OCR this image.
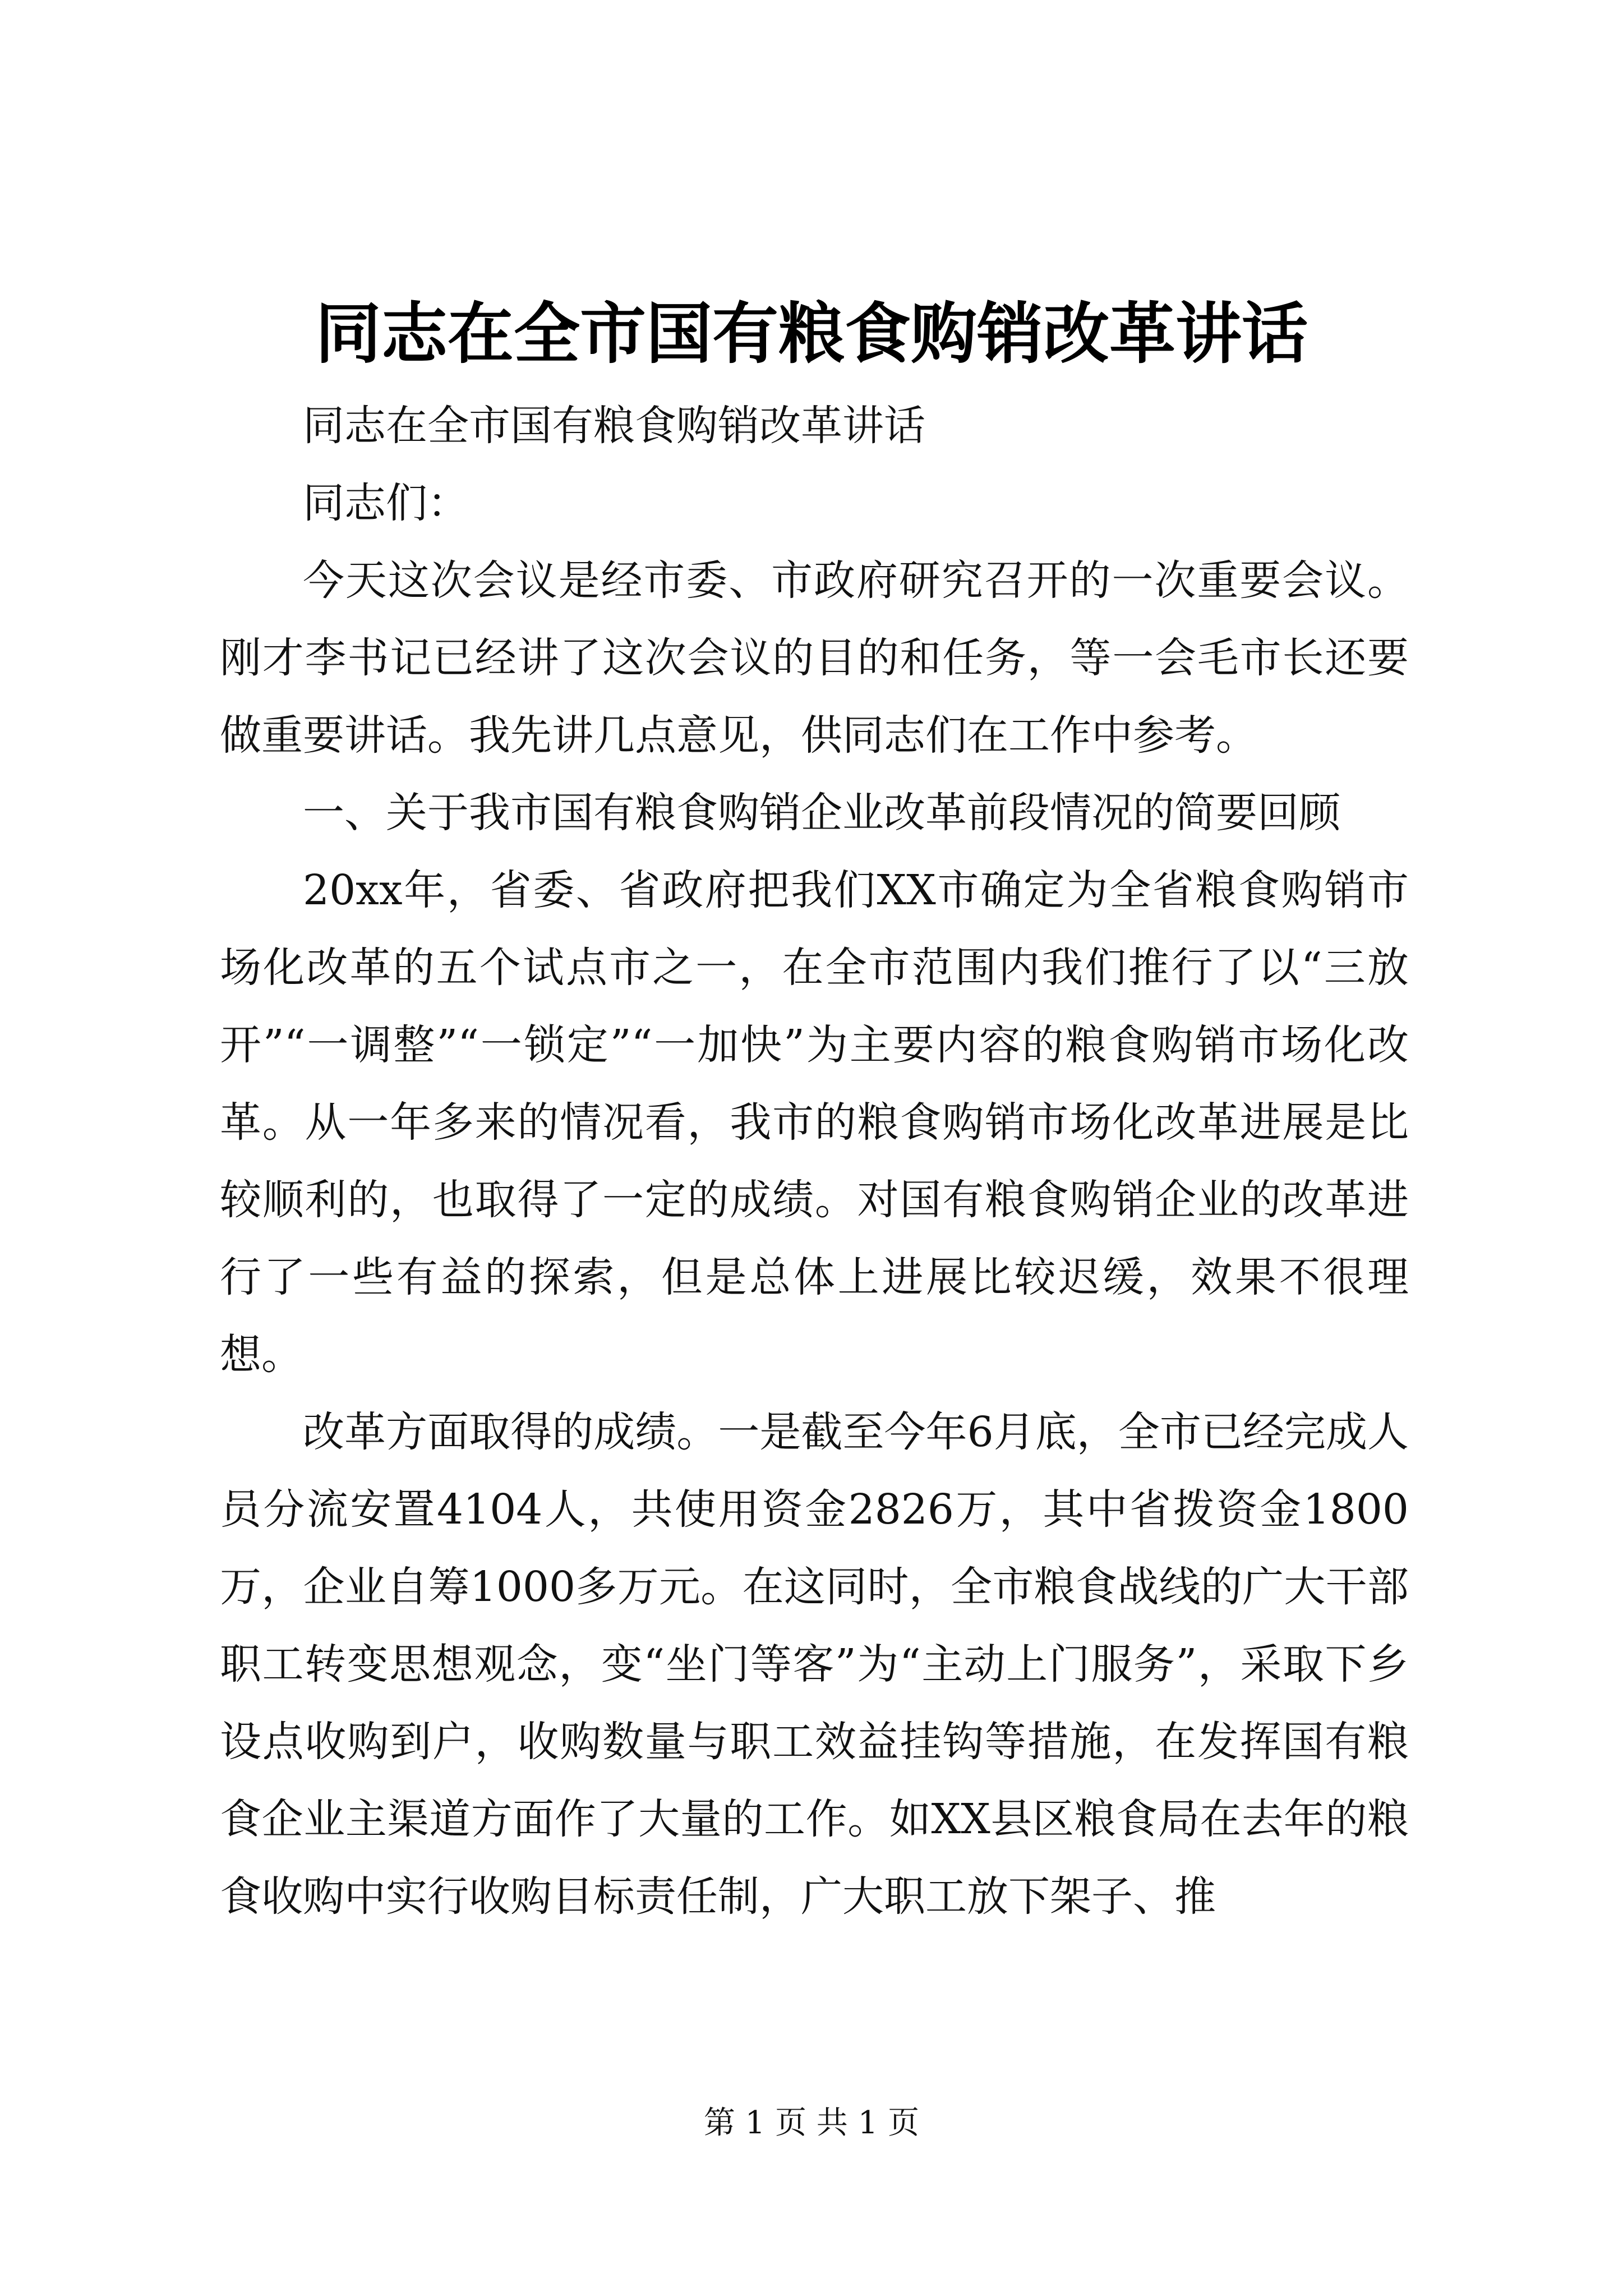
同志在全市国有粮食购销改革讲话

同志在全市国有粮食购销改革讲话

同志们：

今天这次会议是经市委、市政府研究召开的一次重要会议。刚才李书记已经讲了这次会议的目的和任务，等一会毛市长还要做重要讲话。我先讲几点意见，供同志们在工作中参考。

一、关于我市国有粮食购销企业改革前段情况的简要回顾

20xx年，省委、省政府把我们XX市确定为全省粮食购销市场化改革的五个试点市之一，在全市范围内我们推行了以“三放开”“一调整”“一锁定”“一加快”为主要内容的粮食购销市场化改革。从一年多来的情况看，我市的粮食购销市场化改革进展是比较顺利的，也取得了一定的成绩。对国有粮食购销企业的改革进行了一些有益的探索，但是总体上进展比较迟缓，效果不很理想。

改革方面取得的成绩。一是截至今年6月底，全市已经完成人员分流安置4104人，共使用资金2826万，其中省拨资金1800万，企业自筹1000多万元。在这同时，全市粮食战线的广大干部职工转变思想观念，变“坐门等客”为“主动上门服务”，采取下乡设点收购到户，收购数量与职工效益挂钩等措施，在发挥国有粮食企业主渠道方面作了大量的工作。如XX县区粮食局在去年的粮食收购中实行收购目标责任制，广大职工放下架子、推

第 1 页 共 1 页
